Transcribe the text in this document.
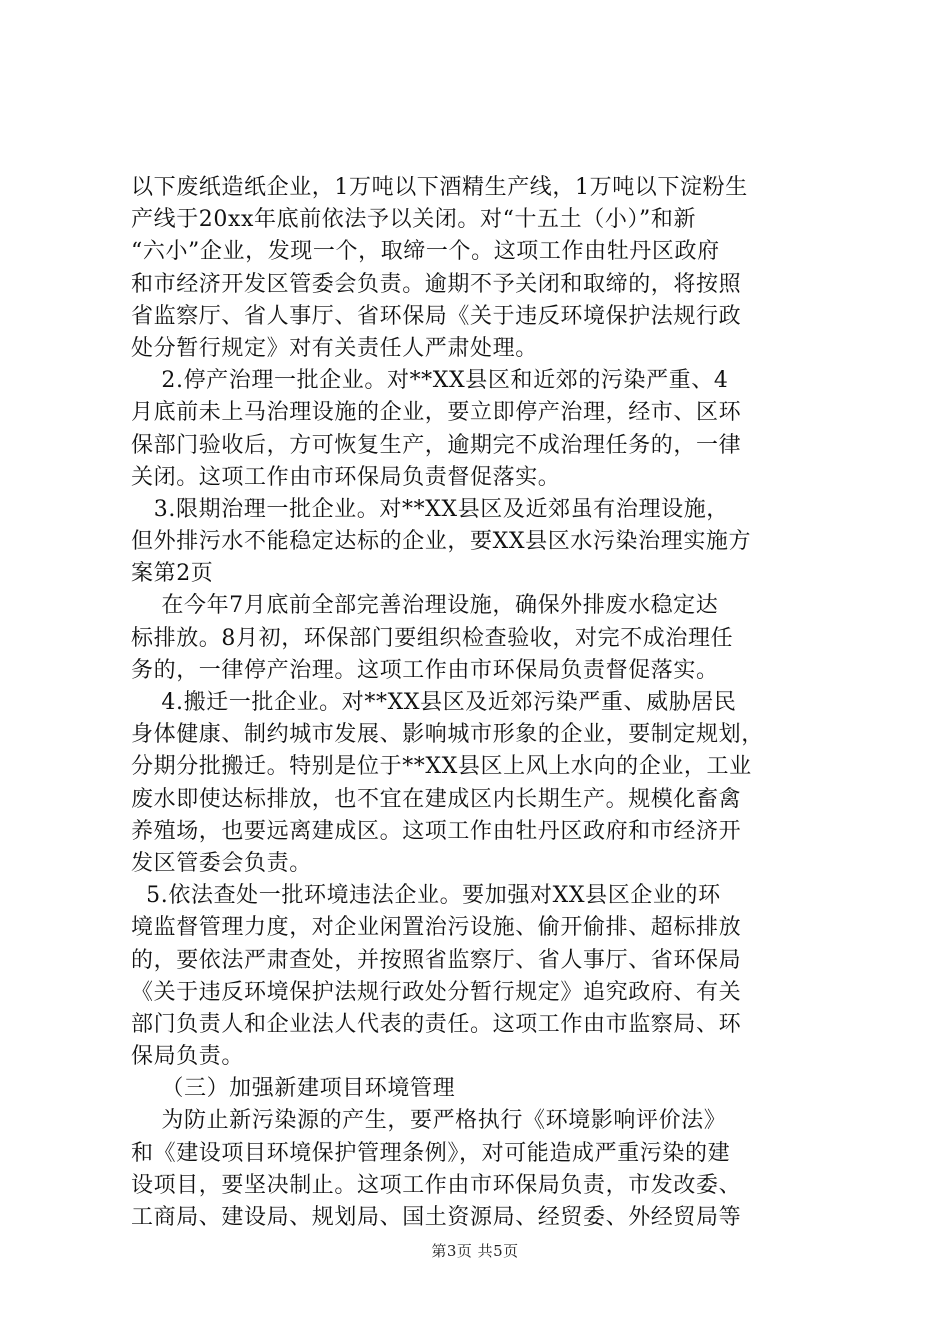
以下废纸造纸企业，1万吨以下酒精生产线，1万吨以下淀粉生
产线于20xx年底前依法予以关闭。对“十五土（小）”和新
“六小”企业，发现一个，取缔一个。这项工作由牡丹区政府
和市经济开发区管委会负责。逾期不予关闭和取缔的，将按照
省监察厅、省人事厅、省环保局《关于违反环境保护法规行政
处分暂行规定》对有关责任人严肃处理。
2.停产治理一批企业。对**XX县区和近郊的污染严重、4
月底前未上马治理设施的企业，要立即停产治理，经市、区环
保部门验收后，方可恢复生产，逾期完不成治理任务的，一律
关闭。这项工作由市环保局负责督促落实。
3.限期治理一批企业。对**XX县区及近郊虽有治理设施，
但外排污水不能稳定达标的企业，要XX县区水污染治理实施方
案第2页
在今年7月底前全部完善治理设施，确保外排废水稳定达
标排放。8月初，环保部门要组织检查验收，对完不成治理任
务的，一律停产治理。这项工作由市环保局负责督促落实。
4.搬迁一批企业。对**XX县区及近郊污染严重、威胁居民
身体健康、制约城市发展、影响城市形象的企业，要制定规划，
分期分批搬迁。特别是位于**XX县区上风上水向的企业，工业
废水即使达标排放，也不宜在建成区内长期生产。规模化畜禽
养殖场，也要远离建成区。这项工作由牡丹区政府和市经济开
发区管委会负责。
5.依法查处一批环境违法企业。要加强对XX县区企业的环
境监督管理力度，对企业闲置治污设施、偷开偷排、超标排放
的，要依法严肃查处，并按照省监察厅、省人事厅、省环保局
《关于违反环境保护法规行政处分暂行规定》追究政府、有关
部门负责人和企业法人代表的责任。这项工作由市监察局、环
保局负责。
（三）加强新建项目环境管理
为防止新污染源的产生，要严格执行《环境影响评价法》
和《建设项目环境保护管理条例》，对可能造成严重污染的建
设项目，要坚决制止。这项工作由市环保局负责，市发改委、
工商局、建设局、规划局、国土资源局、经贸委、外经贸局等
第3页 共5页
